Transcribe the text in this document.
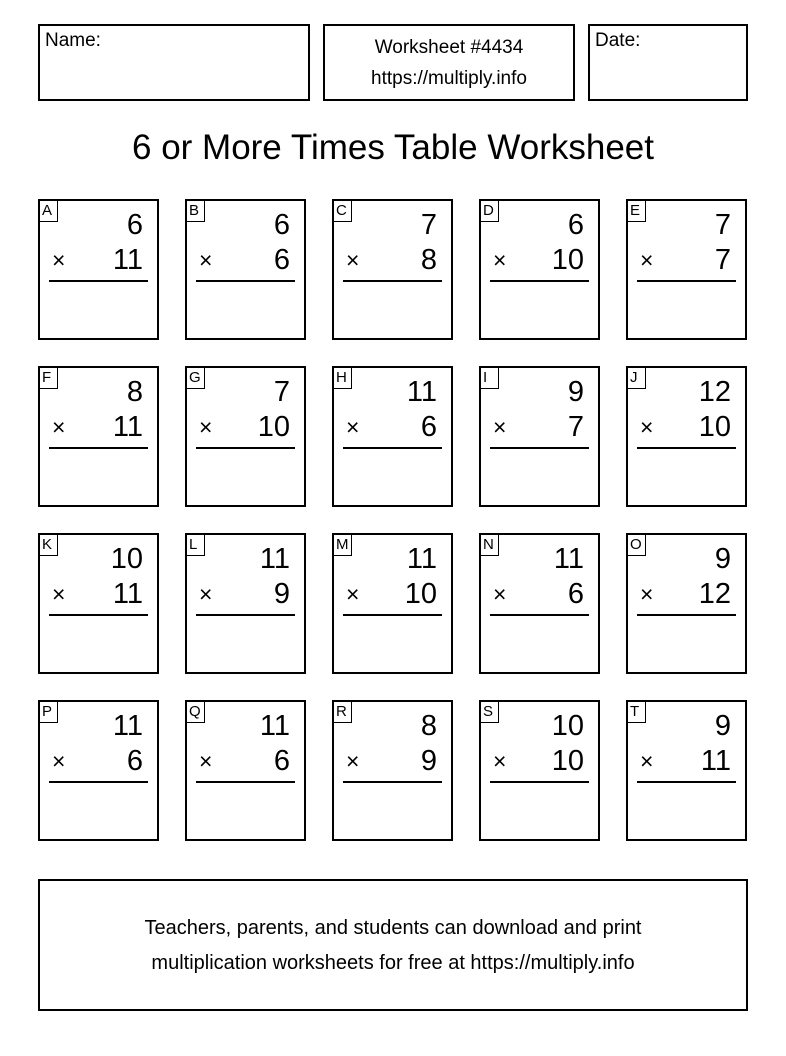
Name:	Worksheet #4434
https://multiply.info
Date:
6 or More Times Table Worksheet
A	6
× 11
B	6
× 6
C	7
× 8
D	6
× 10
E	7
× 7
F	8
× 11
G	7
× 10
H 11
× 6
I	9
× 7
J 12
× 10
K 10
× 11
L 11
× 9
M 11
× 10
N 11
× 6
O	9
× 12
P 11
× 6
Q 11
× 6
R	8
× 9
S 10
× 10
T	9
× 11
Teachers, parents, and students can download and print
multiplication worksheets for free at https://multiply.info
